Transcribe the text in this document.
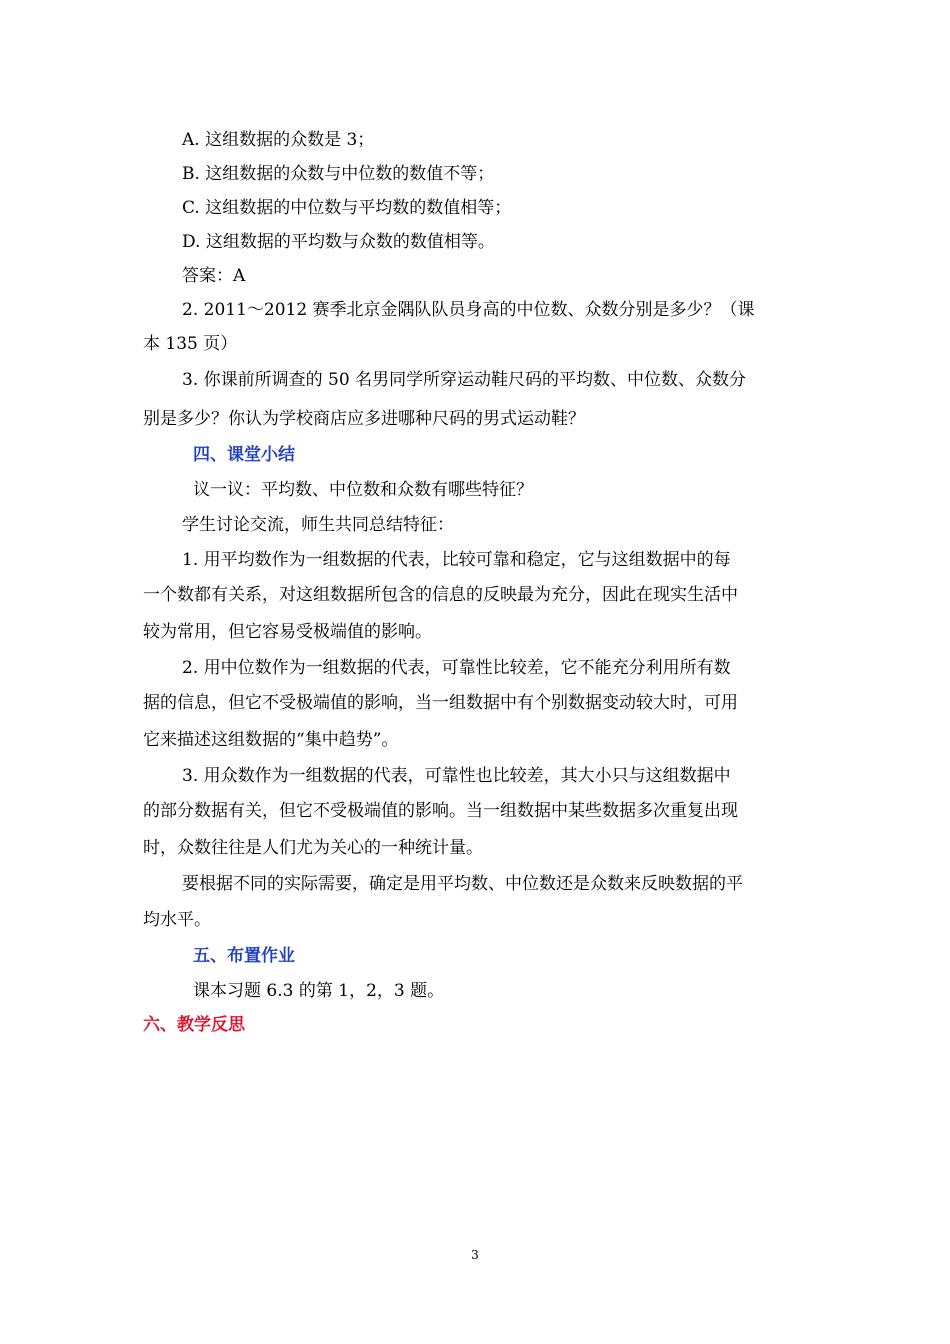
A. 这组数据的众数是 3；
B. 这组数据的众数与中位数的数值不等；
C. 这组数据的中位数与平均数的数值相等；
D. 这组数据的平均数与众数的数值相等。
答案：A
2. 2011～2012 赛季北京金隅队队员身高的中位数、众数分别是多少？（课
本 135 页）
3. 你课前所调查的 50 名男同学所穿运动鞋尺码的平均数、中位数、众数分
别是多少？你认为学校商店应多进哪种尺码的男式运动鞋？
四、课堂小结
议一议：平均数、中位数和众数有哪些特征？
学生讨论交流，师生共同总结特征：
1. 用平均数作为一组数据的代表，比较可靠和稳定，它与这组数据中的每
一个数都有关系，对这组数据所包含的信息的反映最为充分，因此在现实生活中
较为常用，但它容易受极端值的影响。
2. 用中位数作为一组数据的代表，可靠性比较差，它不能充分利用所有数
据的信息，但它不受极端值的影响，当一组数据中有个别数据变动较大时，可用
它来描述这组数据的“集中趋势”。
3. 用众数作为一组数据的代表，可靠性也比较差，其大小只与这组数据中
的部分数据有关，但它不受极端值的影响。当一组数据中某些数据多次重复出现
时，众数往往是人们尤为关心的一种统计量。
要根据不同的实际需要，确定是用平均数、中位数还是众数来反映数据的平
均水平。
五、布置作业
课本习题 6.3 的第 1，2，3 题。
六、教学反思
3
